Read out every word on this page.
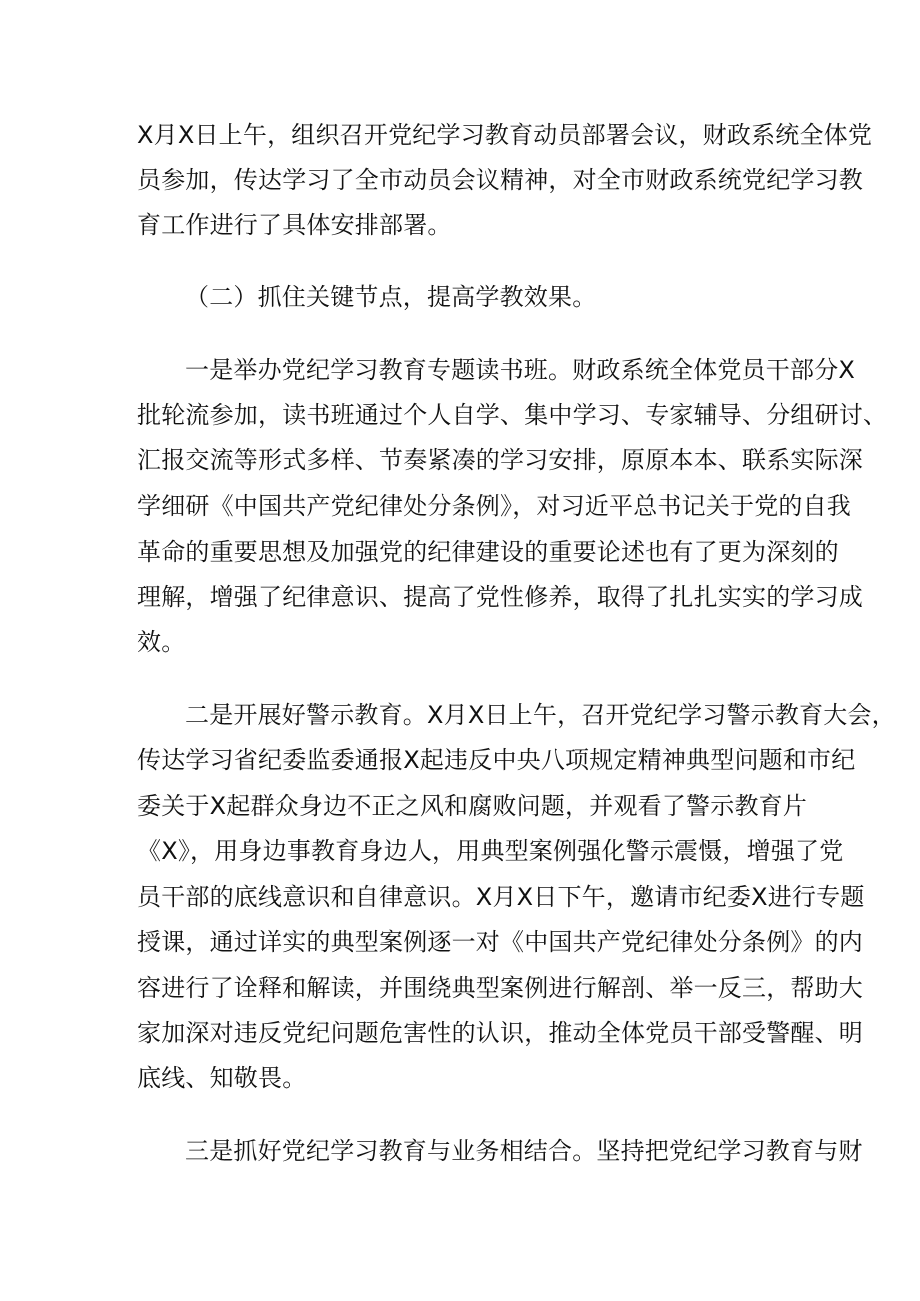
X月X日上午，组织召开党纪学习教育动员部署会议，财政系统全体党
员参加，传达学习了全市动员会议精神，对全市财政系统党纪学习教
育工作进行了具体安排部署。
（二）抓住关键节点，提高学教效果。
一是举办党纪学习教育专题读书班。财政系统全体党员干部分X
批轮流参加，读书班通过个人自学、集中学习、专家辅导、分组研讨、
汇报交流等形式多样、节奏紧凑的学习安排，原原本本、联系实际深
学细研《中国共产党纪律处分条例》，对习近平总书记关于党的自我
革命的重要思想及加强党的纪律建设的重要论述也有了更为深刻的
理解，增强了纪律意识、提高了党性修养，取得了扎扎实实的学习成
效。
二是开展好警示教育。X月X日上午，召开党纪学习警示教育大会，
传达学习省纪委监委通报X起违反中央八项规定精神典型问题和市纪
委关于X起群众身边不正之风和腐败问题，并观看了警示教育片
《X》，用身边事教育身边人，用典型案例强化警示震慑，增强了党
员干部的底线意识和自律意识。X月X日下午，邀请市纪委X进行专题
授课，通过详实的典型案例逐一对《中国共产党纪律处分条例》的内
容进行了诠释和解读，并围绕典型案例进行解剖、举一反三，帮助大
家加深对违反党纪问题危害性的认识，推动全体党员干部受警醒、明
底线、知敬畏。
三是抓好党纪学习教育与业务相结合。坚持把党纪学习教育与财
